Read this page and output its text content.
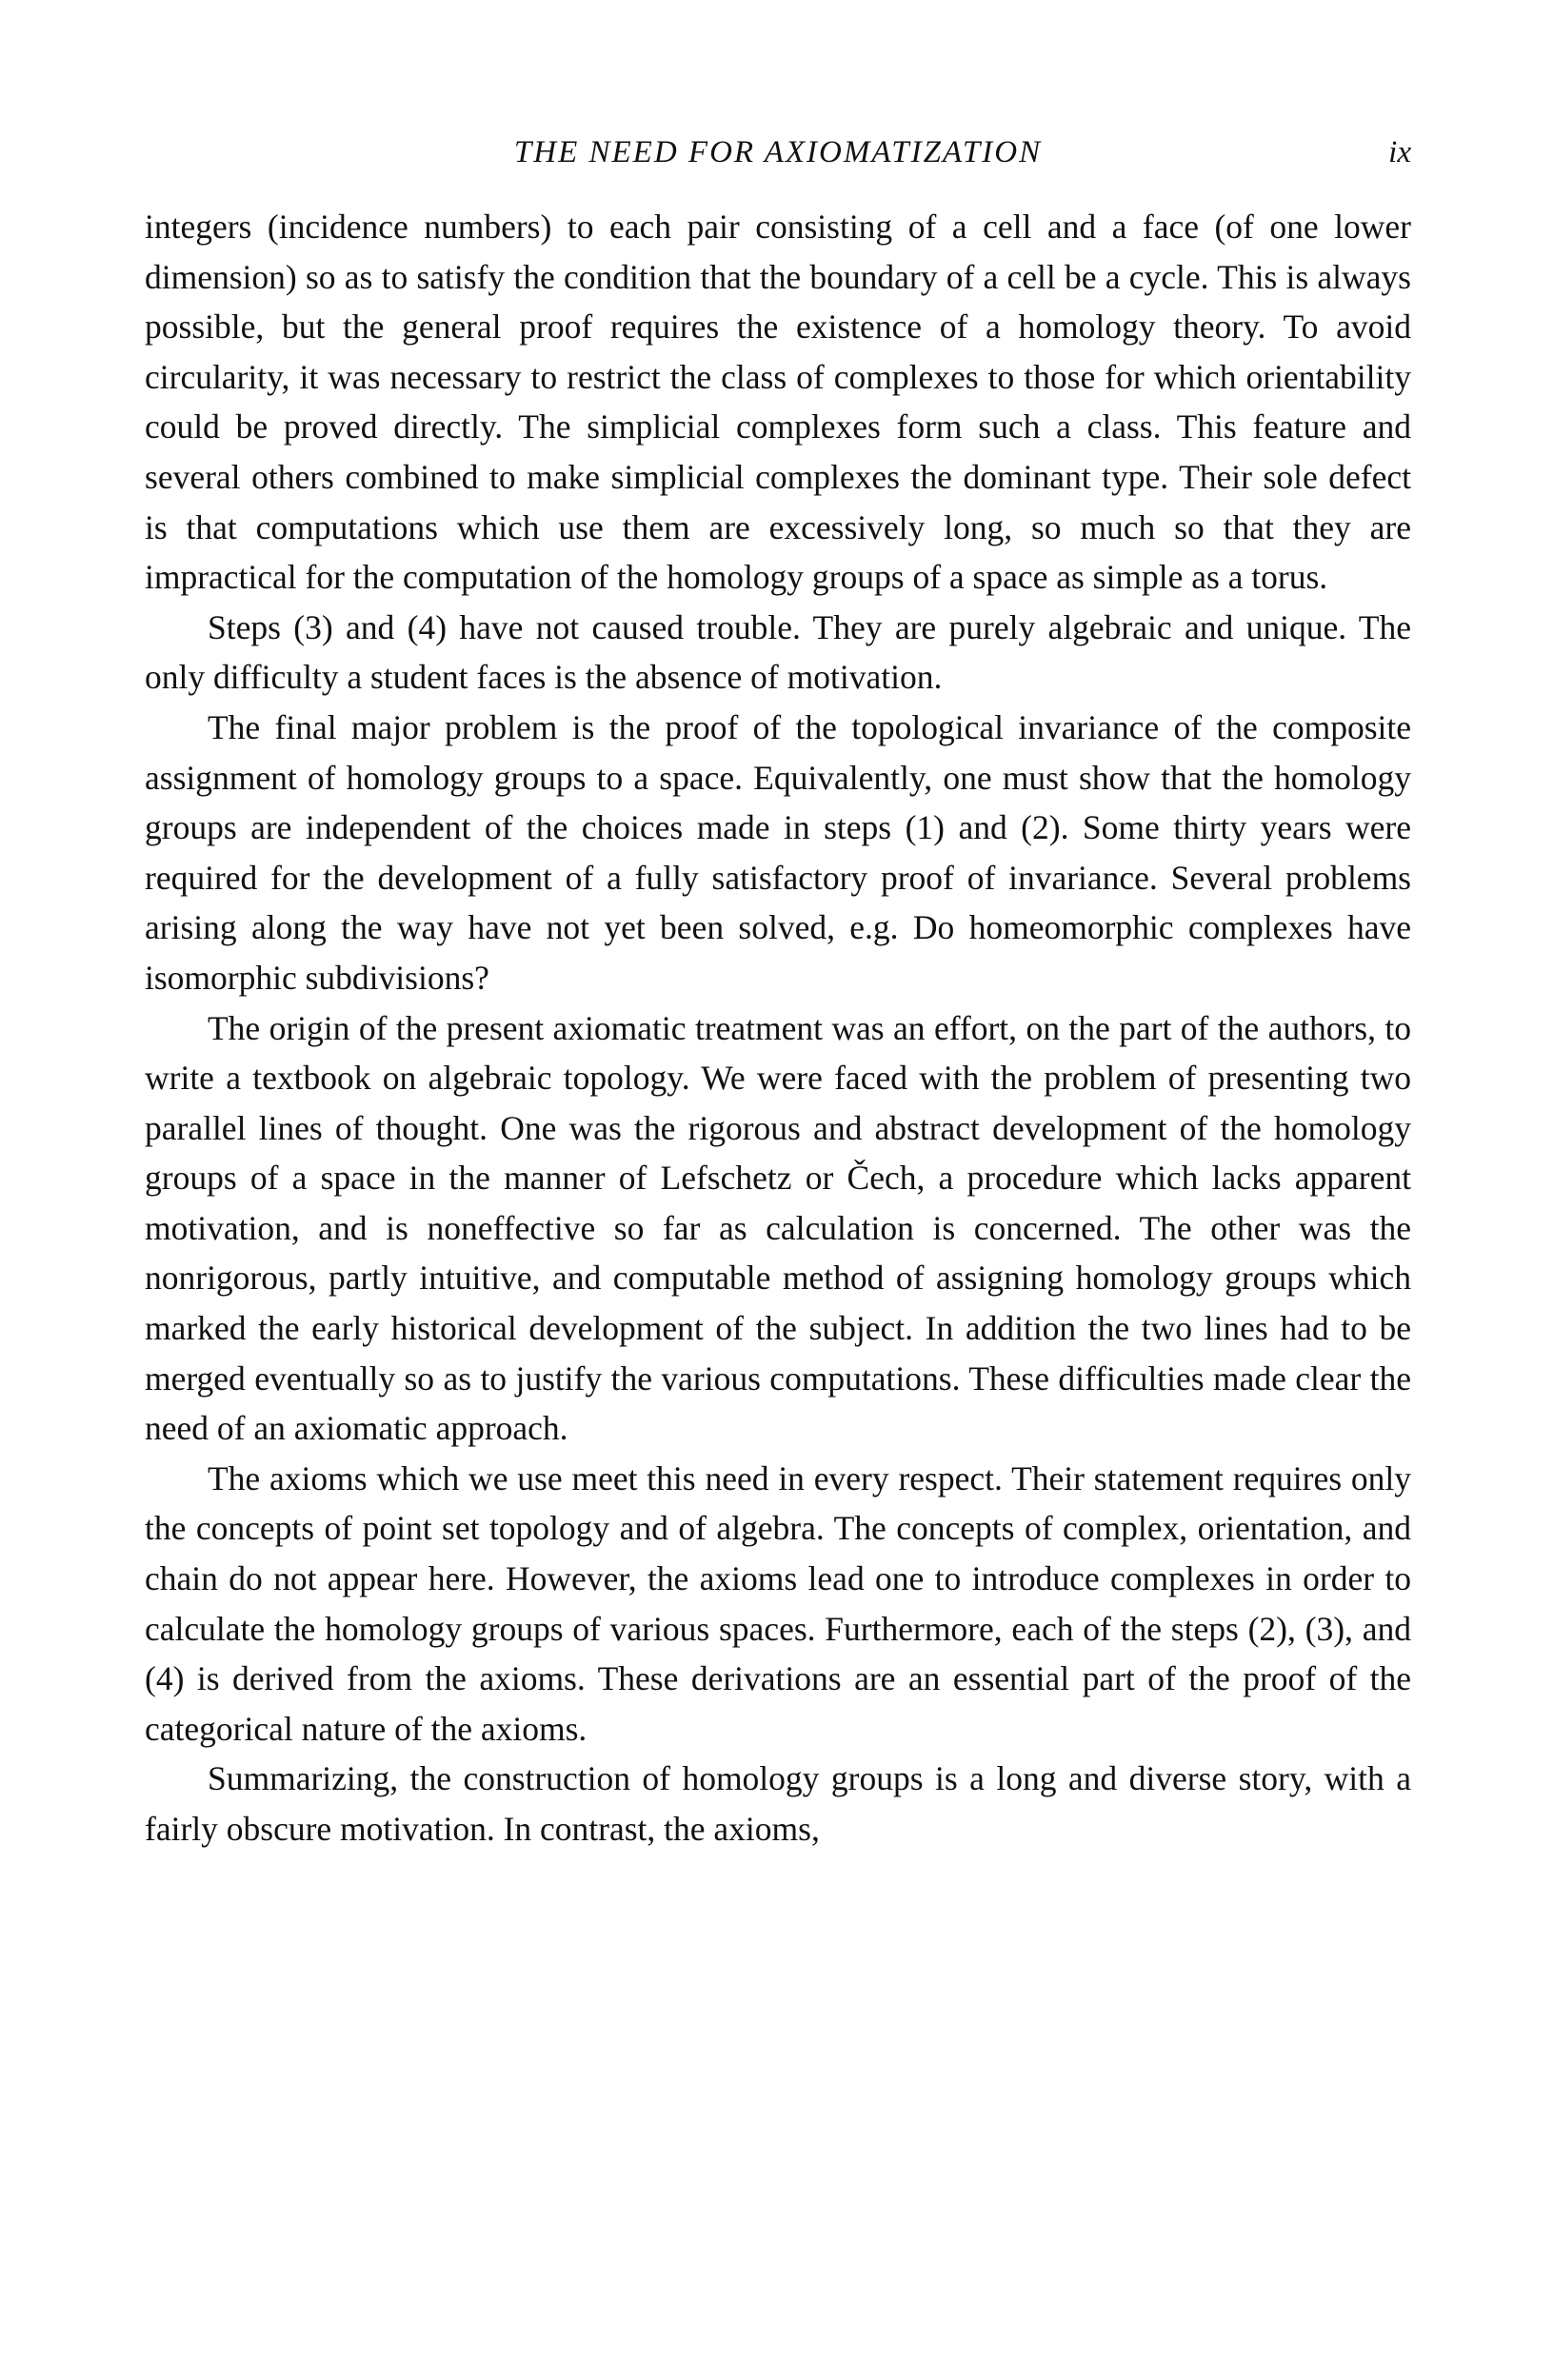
THE NEED FOR AXIOMATIZATION	ix

integers (incidence numbers) to each pair consisting of a cell and a face (of one lower dimension) so as to satisfy the condition that the boundary of a cell be a cycle. This is always possible, but the general proof requires the existence of a homology theory. To avoid circularity, it was necessary to restrict the class of complexes to those for which orientability could be proved directly. The simplicial complexes form such a class. This feature and several others combined to make simplicial complexes the dominant type. Their sole defect is that computations which use them are excessively long, so much so that they are impractical for the computation of the homology groups of a space as simple as a torus.

Steps (3) and (4) have not caused trouble. They are purely algebraic and unique. The only difficulty a student faces is the absence of motivation.

The final major problem is the proof of the topological invariance of the composite assignment of homology groups to a space. Equivalently, one must show that the homology groups are independent of the choices made in steps (1) and (2). Some thirty years were required for the development of a fully satisfactory proof of invariance. Several problems arising along the way have not yet been solved, e.g. Do homeomorphic complexes have isomorphic subdivisions?

The origin of the present axiomatic treatment was an effort, on the part of the authors, to write a textbook on algebraic topology. We were faced with the problem of presenting two parallel lines of thought. One was the rigorous and abstract development of the homology groups of a space in the manner of Lefschetz or Čech, a procedure which lacks apparent motivation, and is noneffective so far as calculation is concerned. The other was the nonrigorous, partly intuitive, and computable method of assigning homology groups which marked the early historical development of the subject. In addition the two lines had to be merged eventually so as to justify the various computations. These difficulties made clear the need of an axiomatic approach.

The axioms which we use meet this need in every respect. Their statement requires only the concepts of point set topology and of algebra. The concepts of complex, orientation, and chain do not appear here. However, the axioms lead one to introduce complexes in order to calculate the homology groups of various spaces. Furthermore, each of the steps (2), (3), and (4) is derived from the axioms. These derivations are an essential part of the proof of the categorical nature of the axioms.

Summarizing, the construction of homology groups is a long and diverse story, with a fairly obscure motivation. In contrast, the axioms,
